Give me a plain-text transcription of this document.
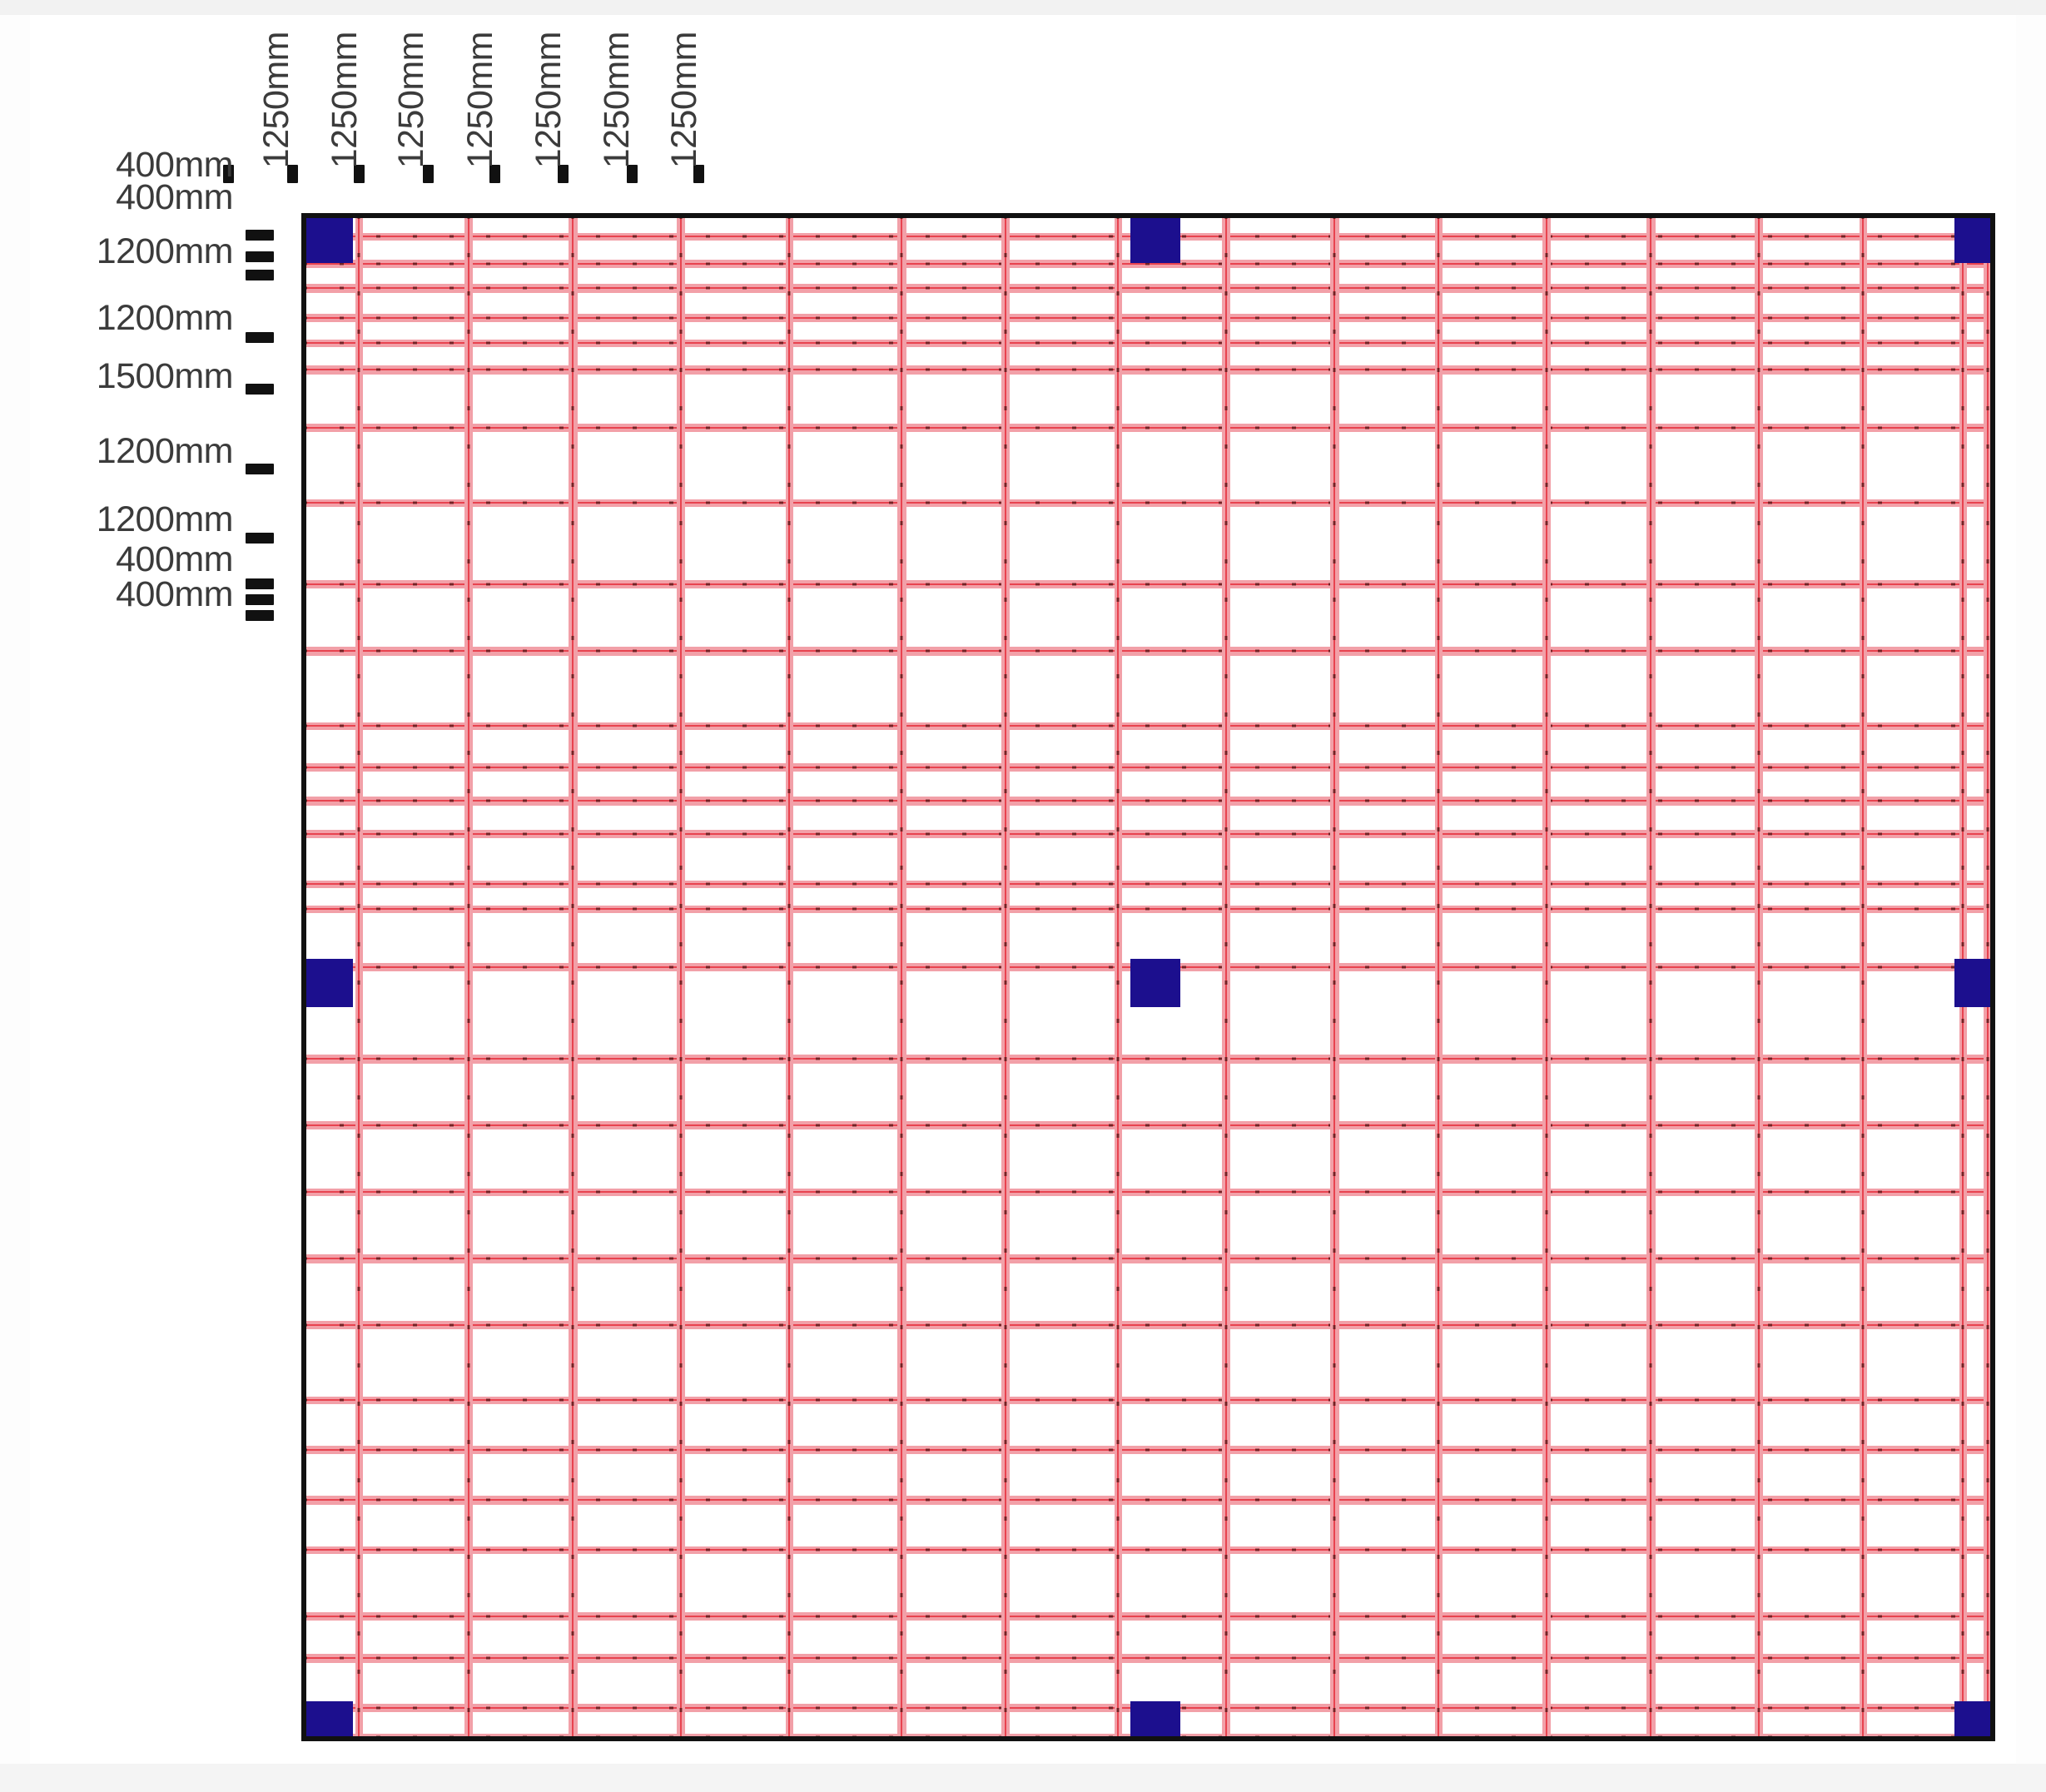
1250mm 1250mm 1250mm 1250mm 1250mm 1250mm 1250mm
400mm
400mm
1200mm
1200mm
1500mm
1200mm
1200mm
400mm
400mm
